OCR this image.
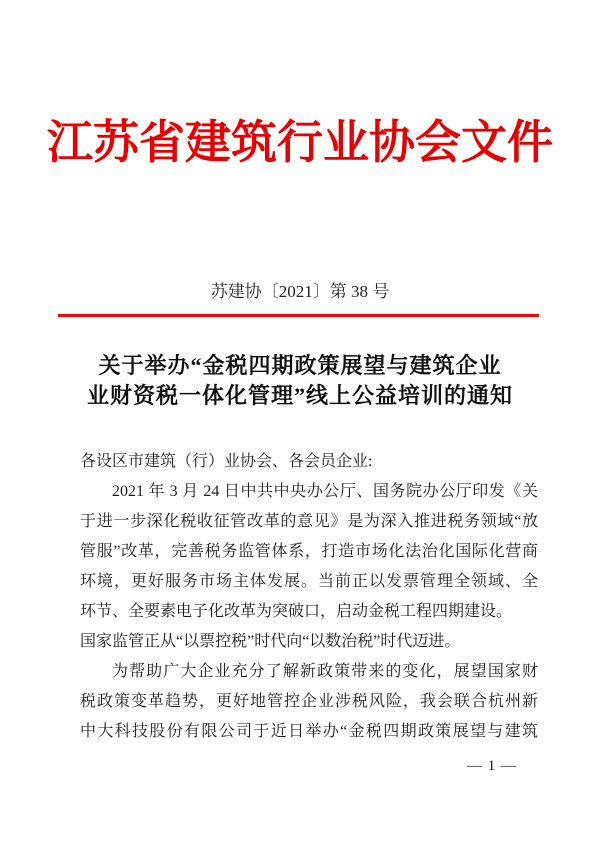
江苏省建筑行业协会文件
苏建协〔2021〕第 38 号
关于举办“金税四期政策展望与建筑企业
业财资税一体化管理”线上公益培训的通知
各设区市建筑（行）业协会、各会员企业:
2021 年 3 月 24 日中共中央办公厅、国务院办公厅印发《关
于进一步深化税收征管改革的意见》是为深入推进税务领域“放
管服”改革，完善税务监管体系，打造市场化法治化国际化营商
环境，更好服务市场主体发展。当前正以发票管理全领域、全
环节、全要素电子化改革为突破口，启动金税工程四期建设。
国家监管正从“以票控税”时代向“以数治税”时代迈进。
为帮助广大企业充分了解新政策带来的变化，展望国家财
税政策变革趋势，更好地管控企业涉税风险，我会联合杭州新
中大科技股份有限公司于近日举办“金税四期政策展望与建筑
— 1 —
